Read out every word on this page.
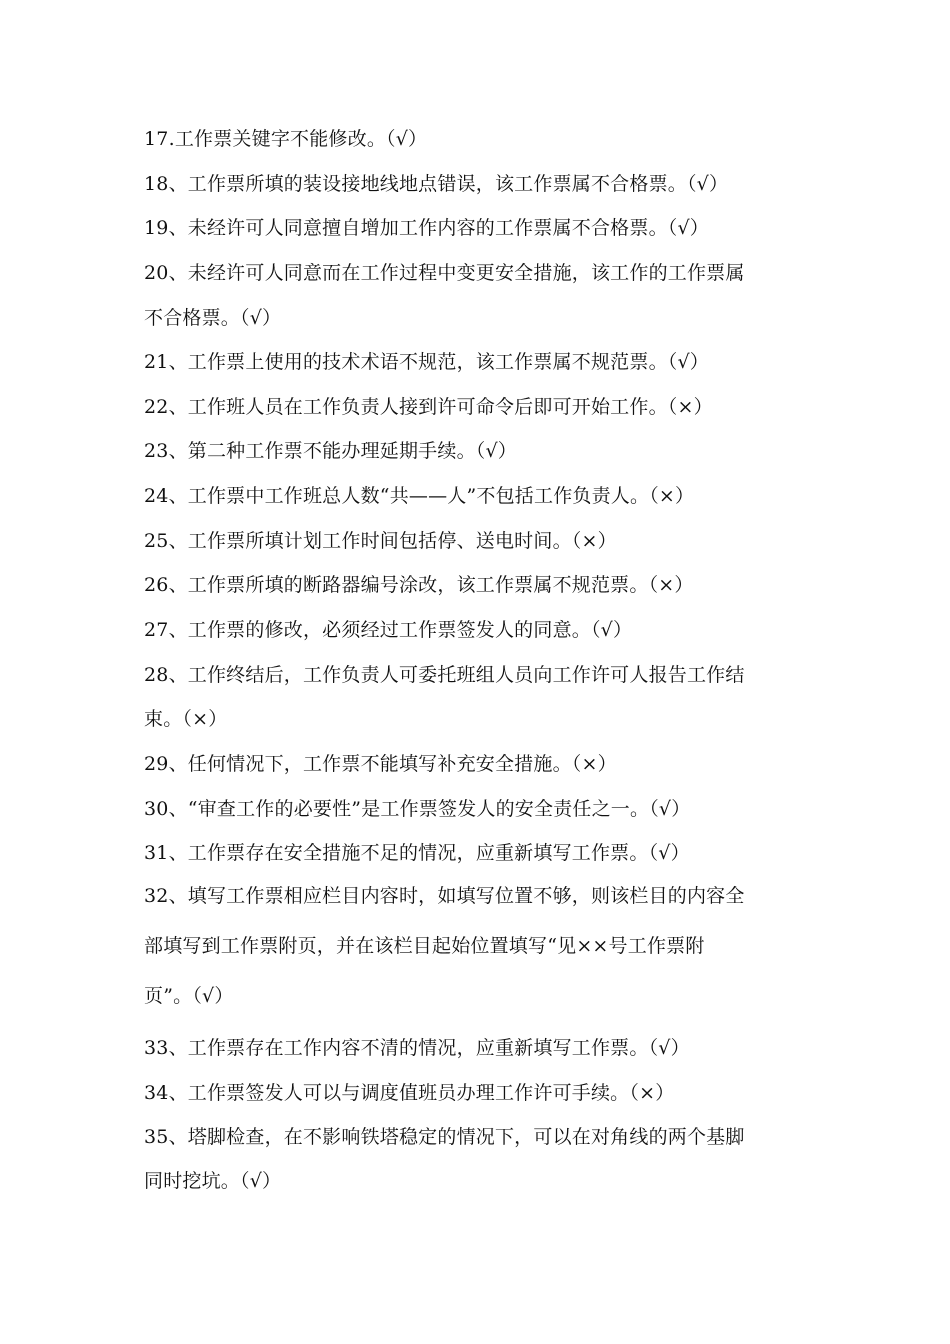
17.工作票关键字不能修改。（√）
18、工作票所填的装设接地线地点错误，该工作票属不合格票。（√）
19、未经许可人同意擅自增加工作内容的工作票属不合格票。（√）
20、未经许可人同意而在工作过程中变更安全措施，该工作的工作票属
不合格票。（√）
21、工作票上使用的技术术语不规范，该工作票属不规范票。（√）
22、工作班人员在工作负责人接到许可命令后即可开始工作。（×）
23、第二种工作票不能办理延期手续。（√）
24、工作票中工作班总人数“共——人”不包括工作负责人。（×）
25、工作票所填计划工作时间包括停、送电时间。（×）
26、工作票所填的断路器编号涂改，该工作票属不规范票。（×）
27、工作票的修改，必须经过工作票签发人的同意。（√）
28、工作终结后，工作负责人可委托班组人员向工作许可人报告工作结
束。（×）
29、任何情况下，工作票不能填写补充安全措施。（×）
30、“审查工作的必要性”是工作票签发人的安全责任之一。（√）
31、工作票存在安全措施不足的情况，应重新填写工作票。（√）
32、填写工作票相应栏目内容时，如填写位置不够，则该栏目的内容全
部填写到工作票附页，并在该栏目起始位置填写“见××号工作票附
页”。（√）
33、工作票存在工作内容不清的情况，应重新填写工作票。（√）
34、工作票签发人可以与调度值班员办理工作许可手续。（×）
35、塔脚检查，在不影响铁塔稳定的情况下，可以在对角线的两个基脚
同时挖坑。（√）
